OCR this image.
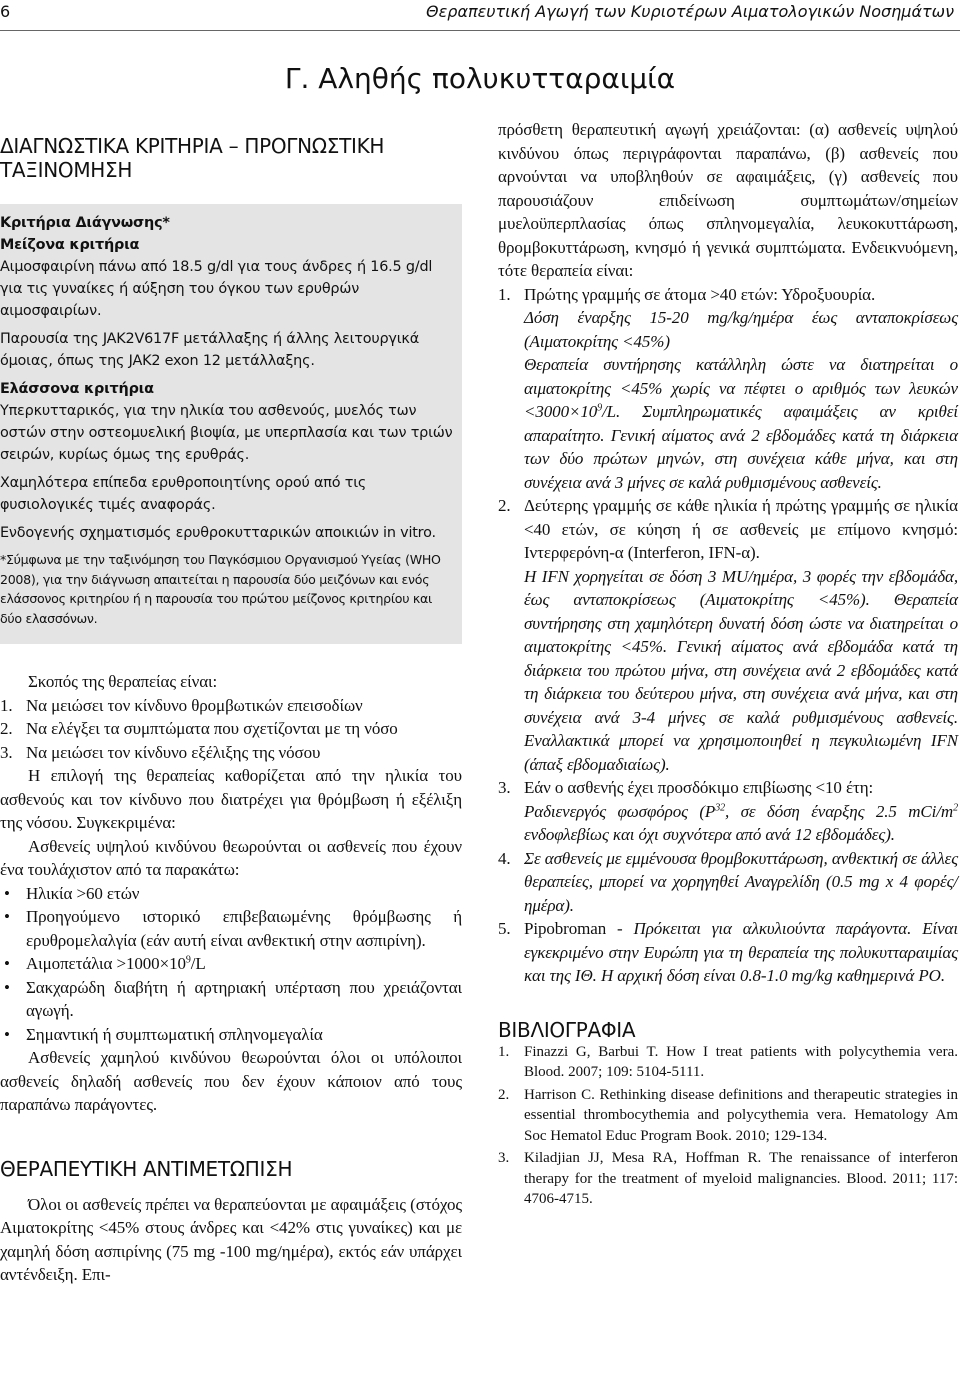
6	Θεραπευτική Αγωγή των Κυριοτέρων Αιματολογικών Νοσημάτων
Γ. Αληθής πολυκυτταραιμία
ΔΙΑΓΝΩΣΤΙΚΑ ΚΡΙΤΗΡΙΑ – ΠΡΟΓΝΩΣΤΙΚΗ ΤΑΞΙΝΟΜΗΣΗ

Κριτήρια Διάγνωσης*

Μείζονα κριτήρια

Αιμοσφαιρίνη πάνω από 18.5 g/dl για τους άνδρες ή 16.5 g/dl για τις γυναίκες ή αύξηση του όγκου των ερυθρών αιμοσφαιρίων.

Παρουσία της JAK2V617F μετάλλαξης ή άλλης λειτουργικά όμοιας, όπως της JAK2 exon 12 μετάλλαξης.

Ελάσσονα κριτήρια

Υπερκυτταρικός, για την ηλικία του ασθενούς, μυελός των οστών στην οστεομυελική βιοψία, με υπερπλασία και των τριών σειρών, κυρίως όμως της ερυθράς.

Χαμηλότερα επίπεδα ερυθροποιητίνης ορού από τις φυσιολογικές τιμές αναφοράς.

Ενδογενής σχηματισμός ερυθροκυτταρικών αποικιών in vitro.

*Σύμφωνα με την ταξινόμηση του Παγκόσμιου Οργανισμού Υγείας (WHO 2008), για την διάγνωση απαιτείται η παρουσία δύο μειζόνων και ενός ελάσσονος κριτηρίου ή η παρουσία του πρώτου μείζονος κριτηρίου και δύο ελασσόνων.

Σκοπός της θεραπείας είναι:

1. Να μειώσει τον κίνδυνο θρομβωτικών επεισοδίων
2. Να ελέγξει τα συμπτώματα που σχετίζονται με τη νόσο
3. Να μειώσει τον κίνδυνο εξέλιξης της νόσου

Η επιλογή της θεραπείας καθορίζεται από την ηλικία του ασθενούς και τον κίνδυνο που διατρέχει για θρόμβωση ή εξέλιξη της νόσου. Συγκεκριμένα:

Ασθενείς υψηλού κινδύνου θεωρούνται οι ασθενείς που έχουν ένα τουλάχιστον από τα παρακάτω:

• Ηλικία >60 ετών
• Προηγούμενο ιστορικό επιβεβαιωμένης θρόμβωσης ή ερυθρομελαλγία (εάν αυτή είναι ανθεκτική στην ασπιρίνη).
• $A\iota\mu o\pi\varepsilon\tau ά\lambda\iota\alpha >1000\times 10^9/L$
• Σακχαρώδη διαβήτη ή αρτηριακή υπέρταση που χρειάζονται αγωγή.
• Σημαντική ή συμπτωματική σπληνομεγαλία

Ασθενείς χαμηλού κινδύνου θεωρούνται όλοι οι υπόλοιποι ασθενείς δηλαδή ασθενείς που δεν έχουν κάποιον από τους παραπάνω παράγοντες.

ΘΕΡΑΠΕΥΤΙΚΗ ΑΝΤΙΜΕΤΩΠΙΣΗ

Όλοι οι ασθενείς πρέπει να θεραπεύονται με αφαιμάξεις (στόχος Αιματοκρίτης <45% στους άνδρες και <42% στις γυναίκες) και με χαμηλή δόση ασπιρίνης (75 mg -100 mg/ημέρα), εκτός εάν υπάρχει αντένδειξη. Επι-

πρόσθετη θεραπευτική αγωγή χρειάζονται: (α) ασθενείς υψηλού κινδύνου όπως περιγράφονται παραπάνω, (β) ασθενείς που αρνούνται να υποβληθούν σε αφαιμάξεις, (γ) ασθενείς που παρουσιάζουν επιδείνωση συμπτωμάτων/σημείων μυελοϋπερπλασίας όπως σπληνομεγαλία, λευκοκυττάρωση, θρομβοκυττάρωση, κνησμό ή γενικά συμπτώματα. Ενδεικνυόμενη, τότε θεραπεία είναι:

1. Πρώτης γραμμής σε άτομα >40 ετών: Υδροξυουρία.
Δόση έναρξης 15-20 mg/kg/ημέρα έως ανταποκρίσεως (Αιματοκρίτης <45%)
Θεραπεία συντήρησης κατάλληλη ώστε να διατηρείται ο αιματοκρίτης <45% χωρίς να πέφτει ο αριθμός των $\lambda\varepsilon\upsilon\kappa ώ\nu <3000\times 10^9/L$. Συμπληρωματικές αφαιμάξεις αν κριθεί απαραίτητο. Γενική αίματος ανά 2 εβδομάδες κατά τη διάρκεια των δύο πρώτων μηνών, στη συνέχεια κάθε μήνα, και στη συνέχεια ανά 3 μήνες σε καλά ρυθμισμένους ασθενείς.
2. Δεύτερης γραμμής σε κάθε ηλικία ή πρώτης γραμμής σε ηλικία <40 ετών, σε κύηση ή σε ασθενείς με επίμονο κνησμό: Ιντερφερόνη-α (Interferon, IFN-α).
Η IFN χορηγείται σε δόση 3 MU/ημέρα, 3 φορές την εβδομάδα, έως ανταποκρίσεως (Αιματοκρίτης <45%). Θεραπεία συντήρησης στη χαμηλότερη δυνατή δόση ώστε να διατηρείται ο αιματοκρίτης <45%. Γενική αίματος ανά εβδομάδα κατά τη διάρκεια του πρώτου μήνα, στη συνέχεια ανά 2 εβδομάδες κατά τη διάρκεια του δεύτερου μήνα, στη συνέχεια ανά μήνα, και στη συνέχεια ανά 3-4 μήνες σε καλά ρυθμισμένους ασθενείς. Εναλλακτικά μπορεί να χρησιμοποιηθεί η πεγκυλιωμένη IFN (άπαξ εβδομαδιαίως).
3. Εάν ο ασθενής έχει προσδόκιμο επιβίωσης <10 έτη:
Ραδιενεργός φωσφόρος ($P^{32}$, σε δόση έναρξης 2.5 mCi/$m^2$ ενδοφλεβίως και όχι συχνότερα από ανά 12 εβδομάδες).
4. Σε ασθενείς με εμμένουσα θρομβοκυττάρωση, ανθεκτική σε άλλες θεραπείες, μπορεί να χορηγηθεί Αναγρελίδη (0.5 mg x 4 φορές/ημέρα).
5. Pipobroman - Πρόκειται για αλκυλιούντα παράγοντα. Είναι εγκεκριμένο στην Ευρώπη για τη θεραπεία της πολυκυτταραιμίας και της ΙΘ. Η αρχική δόση είναι 0.8-1.0 mg/kg καθημερινά PO.
ΒΙΒΛΙΟΓΡΑΦΙΑ
1. Finazzi G, Barbui T. How I treat patients with polycythemia vera. Blood. 2007; 109: 5104-5111.
2. Harrison C. Rethinking disease definitions and therapeutic strategies in essential thrombocythemia and polycythemia vera. Hematology Am Soc Hematol Educ Program Book. 2010; 129-134.
3. Kiladjian JJ, Mesa RA, Hoffman R. The renaissance of interferon therapy for the treatment of myeloid malignancies. Blood. 2011; 117: 4706-4715.
